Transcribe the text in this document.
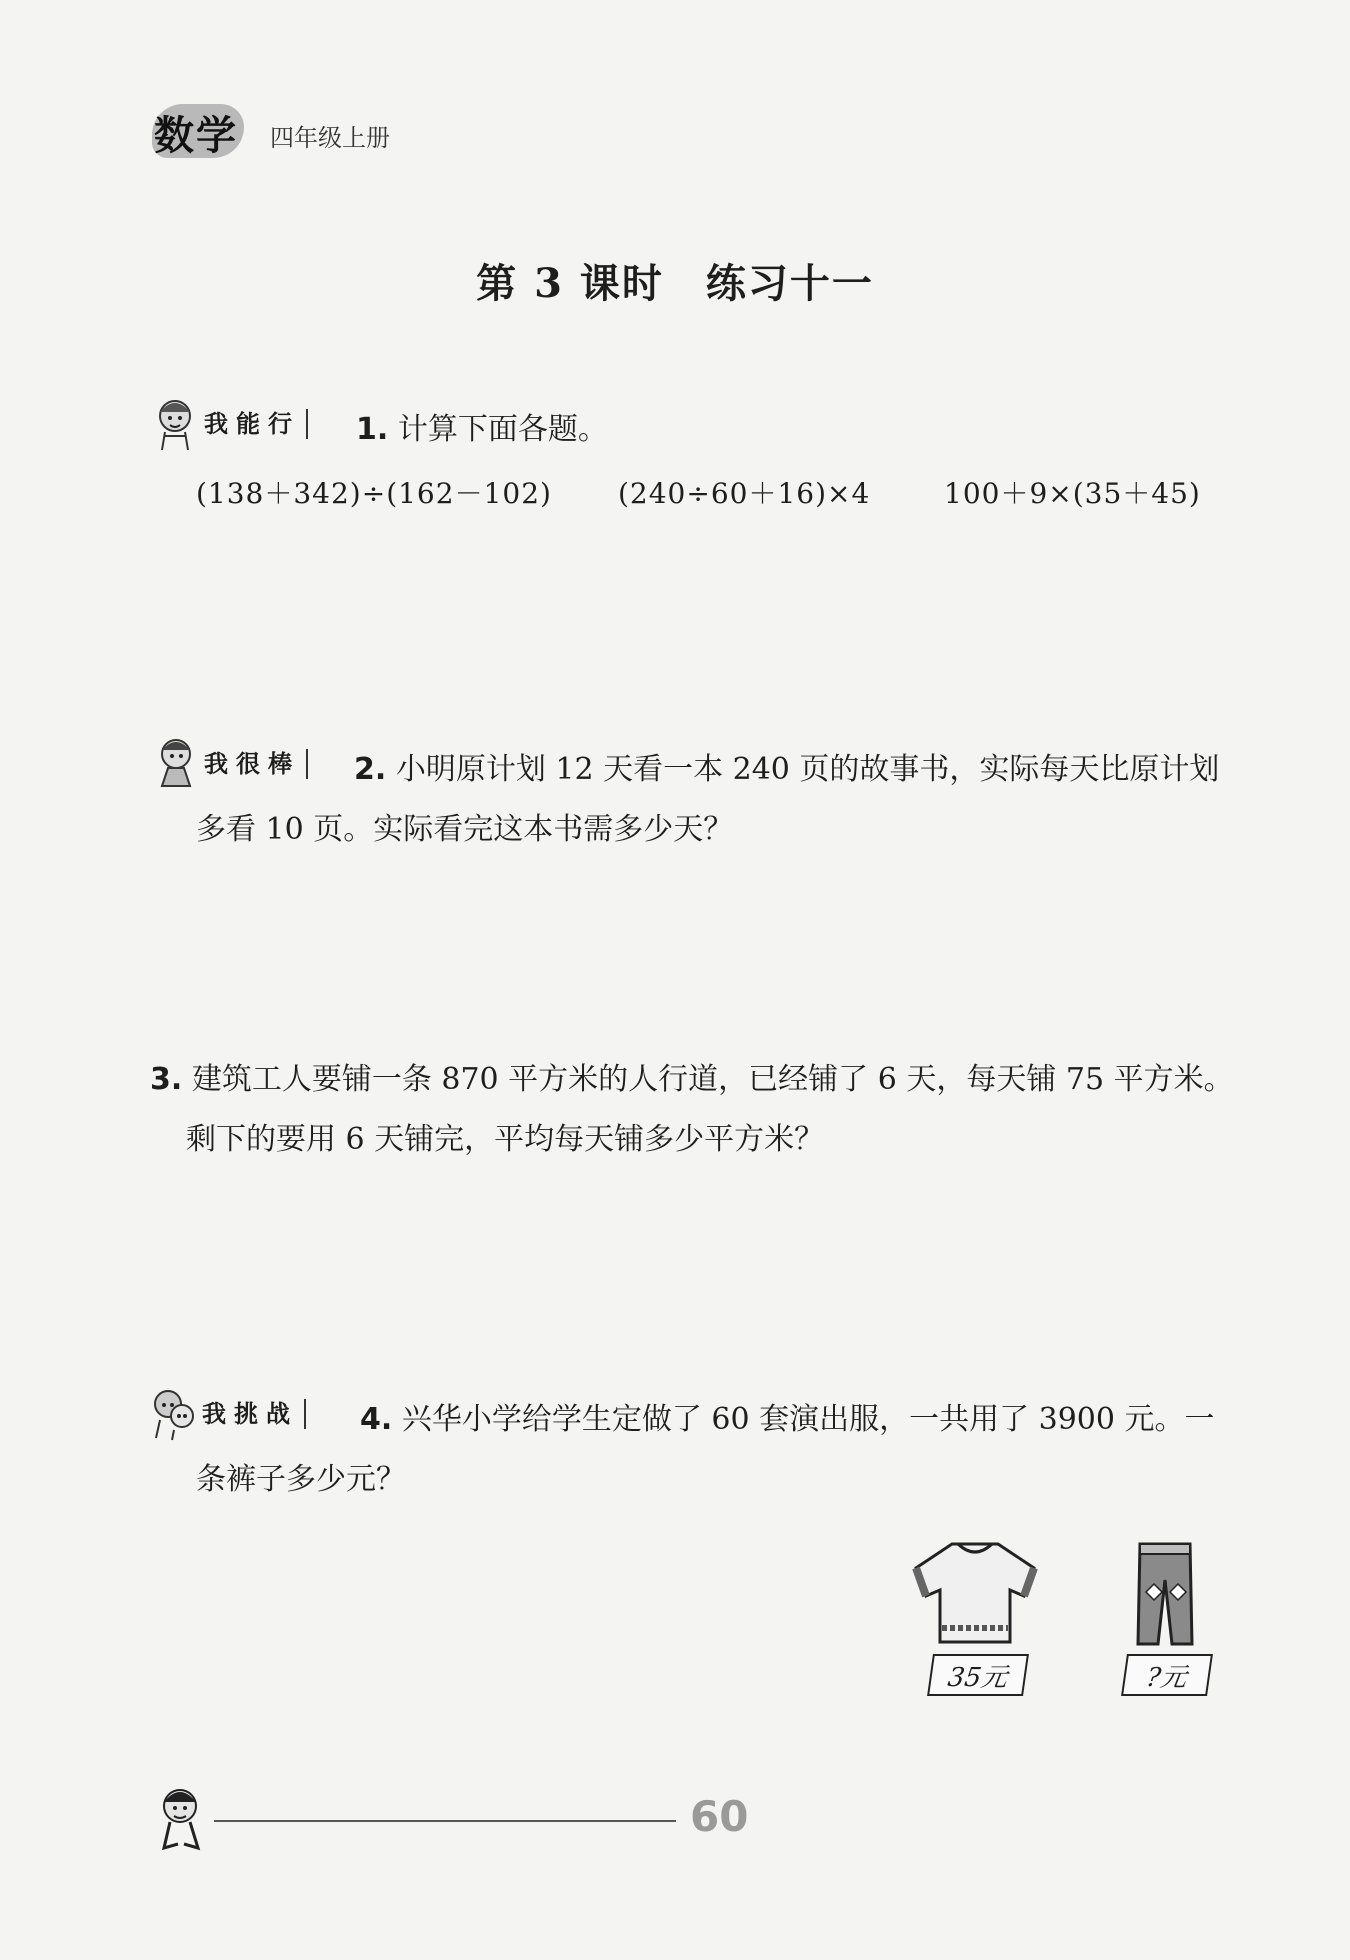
数学 四年级上册
第 3 课时　练习十一
我能行 1. 计算下面各题。
(138＋342)÷(162－102) (240÷60＋16)×4	100＋9×(35＋45)
我很棒 2. 小明原计划 12 天看一本 240 页的故事书，实际每天比原计划
多看 10 页。实际看完这本书需多少天？
3. 建筑工人要铺一条 870 平方米的人行道，已经铺了 6 天，每天铺 75 平方米。
剩下的要用 6 天铺完，平均每天铺多少平方米？
我挑战 4. 兴华小学给学生定做了 60 套演出服，一共用了 3900 元。一
条裤子多少元？
35元	?元
60
